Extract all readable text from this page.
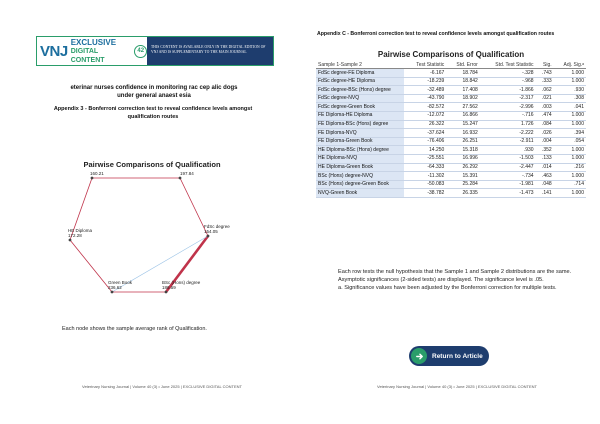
VNJ
EXCLUSIVE
DIGITAL CONTENT
42
THIS CONTENT IS AVAILABLE ONLY IN THE DIGITAL EDITION OF VNJ AND IS SUPPLEMENTARY TO THE MAIN JOURNAL
eterinar nurses confidence in monitoring rac cep alic dogs
under general anaest esia
Appendix 3 - Bonferroni correction test to reveal confidence levels amongst qualification routes
Pairwise Comparisons of Qualification
160.21	197.84
HE Diploma
172.28
FdSc degree
154.05
Green Book
236.62
BSc (Hons) degree
186.59
Each node shows the sample average rank of Qualification.
Veterinary Nursing Journal | Volume 40 (3) • June 2025 | EXCLUSIVE DIGITAL CONTENT
Appendix C - Bonferroni correction test to reveal confidence levels amongst qualification routes
Pairwise Comparisons of Qualification
Sample 1-Sample 2	Test Statistic	Std. Error	Std. Test Statistic	Sig.	Adj. Sig.ᵃ
FdSc degree-FE Diploma	-6.167	18.784	-.328	.743	1.000
FdSc degree-HE Diploma	-18.239	18.842	-.968	.333	1.000
FdSc degree-BSc (Hons) degree	-32.489	17.408	-1.866	.062	.930
FdSc degree-NVQ	-43.790	18.902	-2.317	.021	.308
FdSc degree-Green Book	-82.572	27.562	-2.996	.003	.041
FE Diploma-HE Diploma	-12.072	16.866	-.716	.474	1.000
FE Diploma-BSc (Hons) degree	26.322	15.247	1.726	.084	1.000
FE Diploma-NVQ	-37.624	16.932	-2.222	.026	.394
FE Diploma-Green Book	-76.406	26.251	-2.911	.004	.054
HE Diploma-BSc (Hons) degree	14.250	15.318	.930	.352	1.000
HE Diploma-NVQ	-25.551	16.996	-1.503	.133	1.000
HE Diploma-Green Book	-64.333	26.292	-2.447	.014	.216
BSc (Hons) degree-NVQ	-11.302	15.391	-.734	.463	1.000
BSc (Hons) degree-Green Book	-50.083	25.284	-1.981	.048	.714
NVQ-Green Book	-38.782	26.335	-1.473	.141	1.000
Each row tests the null hypothesis that the Sample 1 and Sample 2 distributions are the same.
Asymptotic significances (2-sided tests) are displayed. The significance level is .05.
a. Significance values have been adjusted by the Bonferroni correction for multiple tests.
Return to Article
Veterinary Nursing Journal | Volume 40 (3) • June 2025 | EXCLUSIVE DIGITAL CONTENT
